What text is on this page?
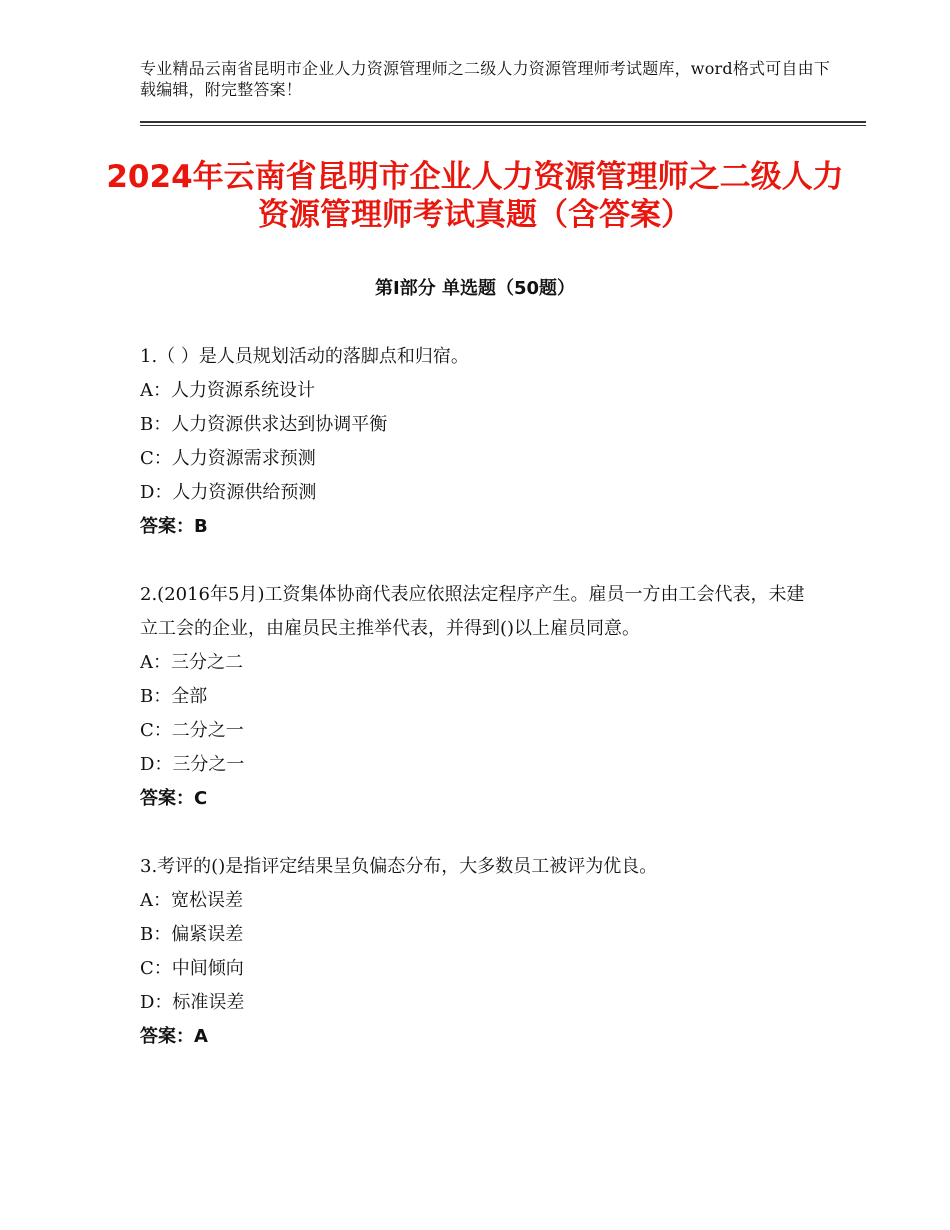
专业精品云南省昆明市企业人力资源管理师之二级人力资源管理师考试题库，word格式可自由下载编辑，附完整答案！
2024年云南省昆明市企业人力资源管理师之二级人力资源管理师考试真题（含答案）
第Ⅰ部分 单选题（50题）
1.（ ）是人员规划活动的落脚点和归宿。
A：人力资源系统设计
B：人力资源供求达到协调平衡
C：人力资源需求预测
D：人力资源供给预测
答案：B
2.(2016年5月)工资集体协商代表应依照法定程序产生。雇员一方由工会代表，未建立工会的企业，由雇员民主推举代表，并得到()以上雇员同意。
A：三分之二
B：全部
C：二分之一
D：三分之一
答案：C
3.考评的()是指评定结果呈负偏态分布，大多数员工被评为优良。
A：宽松误差
B：偏紧误差
C：中间倾向
D：标准误差
答案：A
